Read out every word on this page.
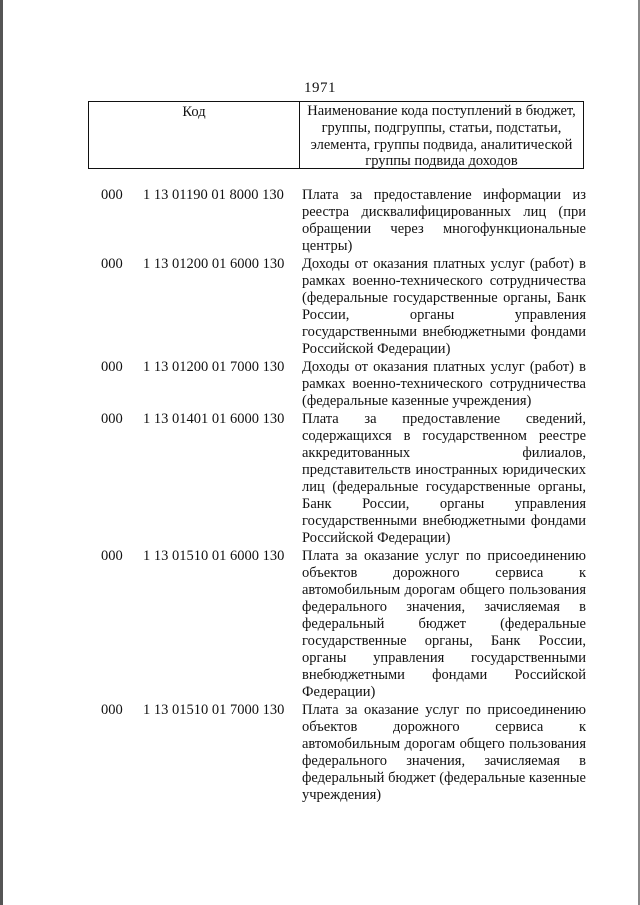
1971
Код	Наименование кода поступлений в бюджет,
группы, подгруппы, статьи, подстатьи,
элемента, группы подвида, аналитической
группы подвида доходов
000 1 13 01190 01 8000 130 Плата за предоставление информации из
реестра дисквалифицированных лиц (при
обращении через многофункциональные
центры)
000 1 13 01200 01 6000 130 Доходы от оказания платных услуг (работ) в
рамках военно-технического сотрудничества
(федеральные государственные органы, Банк
России, органы управления
государственными внебюджетными фондами
Российской Федерации)
000 1 13 01200 01 7000 130 Доходы от оказания платных услуг (работ) в
рамках военно-технического сотрудничества
(федеральные казенные учреждения)
000 1 13 01401 01 6000 130 Плата за предоставление сведений,
содержащихся в государственном реестре
аккредитованных филиалов,
представительств иностранных юридических
лиц (федеральные государственные органы,
Банк России, органы управления
государственными внебюджетными фондами
Российской Федерации)
000 1 13 01510 01 6000 130 Плата за оказание услуг по присоединению
объектов дорожного сервиса к
автомобильным дорогам общего пользования
федерального значения, зачисляемая в
федеральный бюджет (федеральные
государственные органы, Банк России,
органы управления государственными
внебюджетными фондами Российской
Федерации)
000 1 13 01510 01 7000 130 Плата за оказание услуг по присоединению
объектов дорожного сервиса к
автомобильным дорогам общего пользования
федерального значения, зачисляемая в
федеральный бюджет (федеральные казенные
учреждения)
